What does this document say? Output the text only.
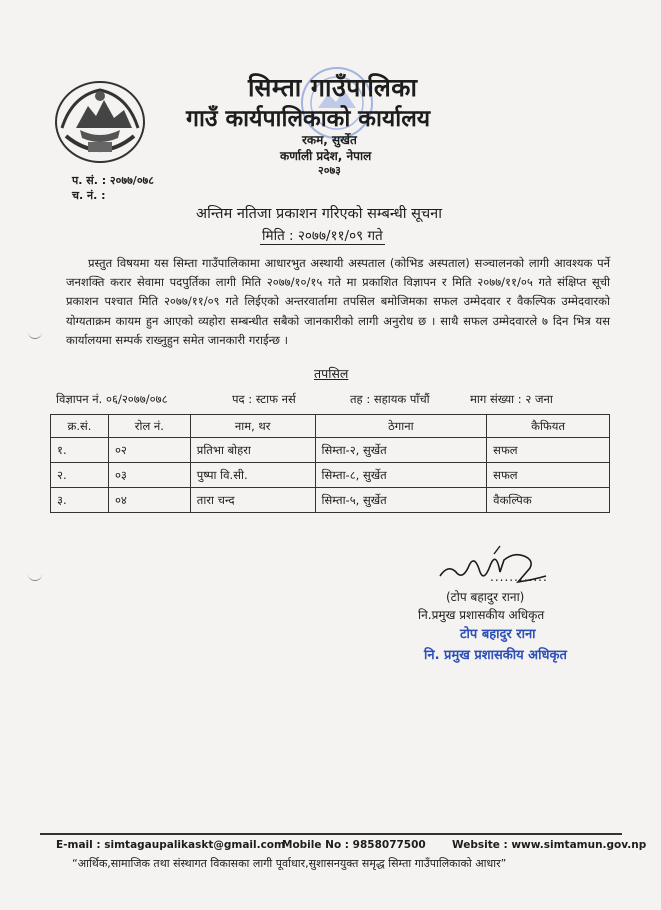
सिम्ता गाउँपालिका
गाउँ कार्यपालिकाको कार्यालय
रकम, सुर्खेत
कर्णाली प्रदेश, नेपाल
२०७३
प. सं. : २०७७/०७८
च. नं. :
अन्तिम नतिजा प्रकाशन गरिएको सम्बन्धी सूचना
मिति : २०७७/११/०९ गते
प्रस्तुत विषयमा यस सिम्ता गाउँपालिकामा आधारभुत अस्थायी अस्पताल (कोभिड अस्पताल) सञ्चालनको लागी आवश्यक पर्ने जनशक्ति करार सेवामा पदपुर्तिका लागी मिति २०७७/१०/१५ गते मा प्रकाशित विज्ञापन र मिति २०७७/११/०५ गते संक्षिप्त सूची प्रकाशन पश्चात मिति २०७७/११/०९ गते लिईएको अन्तरवार्तामा तपसिल बमोजिमका सफल उम्मेदवार र वैकल्पिक उम्मेदवारको योग्यताक्रम कायम हुन आएको व्यहोरा सम्बन्धीत सबैको जानकारीको लागी अनुरोध छ । साथै सफल उम्मेदवारले ७ दिन भित्र यस कार्यालयमा सम्पर्क राख्नुहुन समेत जानकारी गराईन्छ ।
तपसिल
विज्ञापन नं. ०६/२०७७/०७८	पद : स्टाफ नर्स	तह : सहायक पाँचौं	माग संख्या : २ जना
क्र.सं.	रोल नं.	नाम, थर	ठेगाना	कैफियत
१.	०२	प्रतिभा बोहरा	सिम्ता-२, सुर्खेत	सफल
२.	०३	पुष्पा वि.सी.	सिम्ता-८, सुर्खेत	सफल
३.	०४	तारा चन्द	सिम्ता-५, सुर्खेत	वैकल्पिक
............
(टोप बहादुर राना)
नि.प्रमुख प्रशासकीय अधिकृत
टोप बहादुर राना
नि. प्रमुख प्रशासकीय अधिकृत
E-mail : simtagaupalikaskt@gmail.com
Mobile No : 9858077500	Website : www.simtamun.gov.np
“आर्थिक,सामाजिक तथा संस्थागत विकासका लागी पूर्वाधार,सुशासनयुक्त समृद्ध सिम्ता गाउँपालिकाको आधार”
